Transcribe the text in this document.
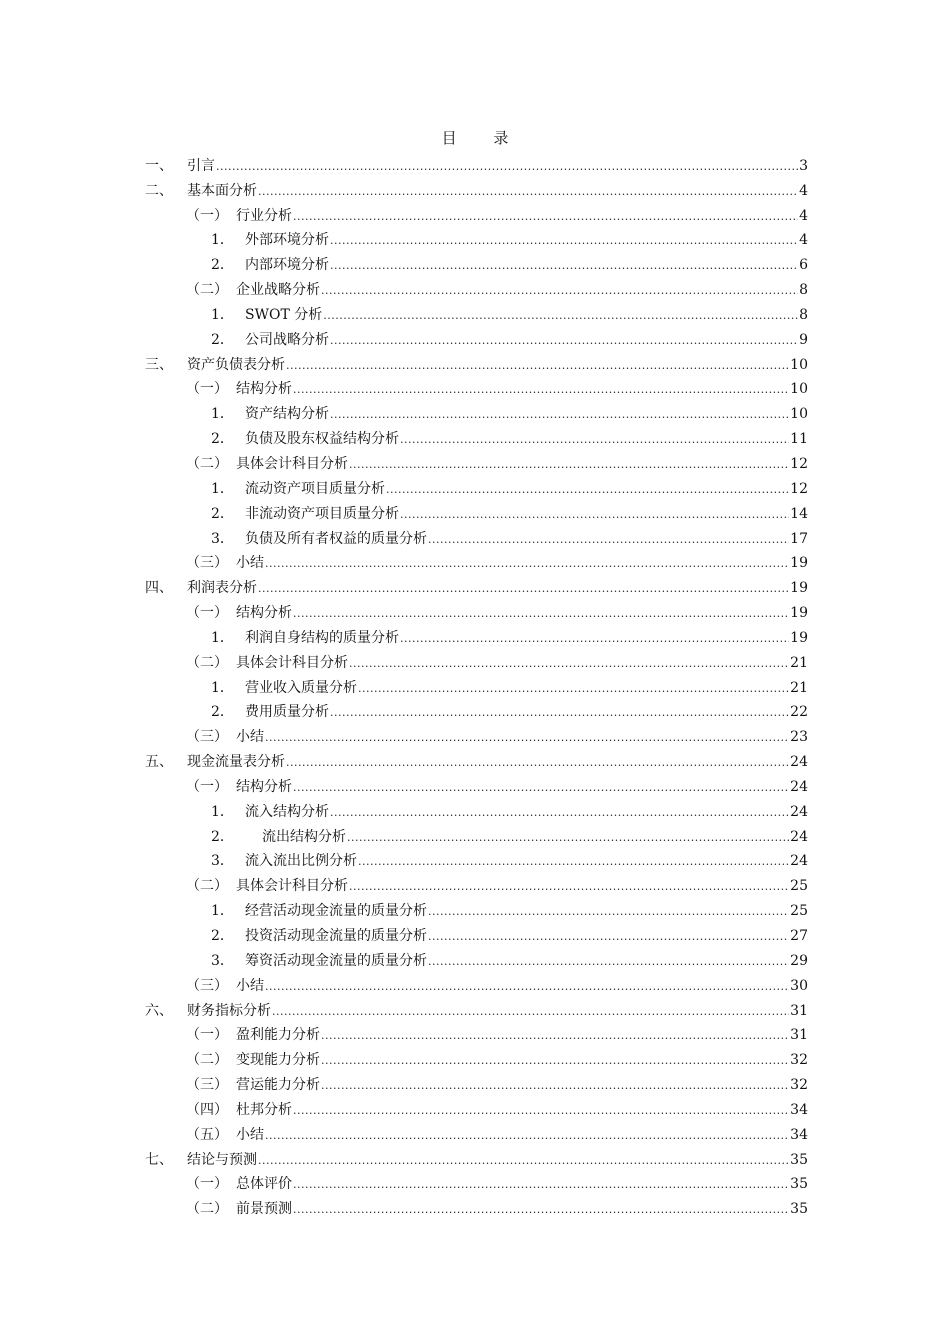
目 录
一、	引言 .....	3
二、	基本面分析 .....	4
（一） 行业分析 .....	4
1． 外部环境分析 .....	4
2． 内部环境分析 .....	6
（二） 企业战略分析 .....	8
1． SWOT 分析 .....	8
2． 公司战略分析 .....	9
三、	资产负债表分析 .....	10
（一） 结构分析 .....	10
1． 资产结构分析 .....	10
2． 负债及股东权益结构分析 .....	11
（二） 具体会计科目分析 .....	12
1． 流动资产项目质量分析 .....	12
2． 非流动资产项目质量分析 .....	14
3． 负债及所有者权益的质量分析 .....	17
（三） 小结 .....	19
四、	利润表分析 .....	19
（一） 结构分析 .....	19
1． 利润自身结构的质量分析 .....	19
（二） 具体会计科目分析 .....	21
1． 营业收入质量分析 .....	21
2． 费用质量分析 .....	22
（三） 小结 .....	23
五、	现金流量表分析 .....	24
（一） 结构分析 .....	24
1． 流入结构分析 .....	24
2．	流出结构分析 .....	24
3． 流入流出比例分析 .....	24
（二） 具体会计科目分析 .....	25
1． 经营活动现金流量的质量分析 .....	25
2． 投资活动现金流量的质量分析 .....	27
3． 筹资活动现金流量的质量分析 .....	29
（三） 小结 .....	30
六、	财务指标分析 .....	31
（一） 盈利能力分析 .....	31
（二） 变现能力分析 .....	32
（三） 营运能力分析 .....	32
（四） 杜邦分析 .....	34
（五） 小结 .....	34
七、	结论与预测 .....	35
（一） 总体评价 .....	35
（二） 前景预测 .....	35
